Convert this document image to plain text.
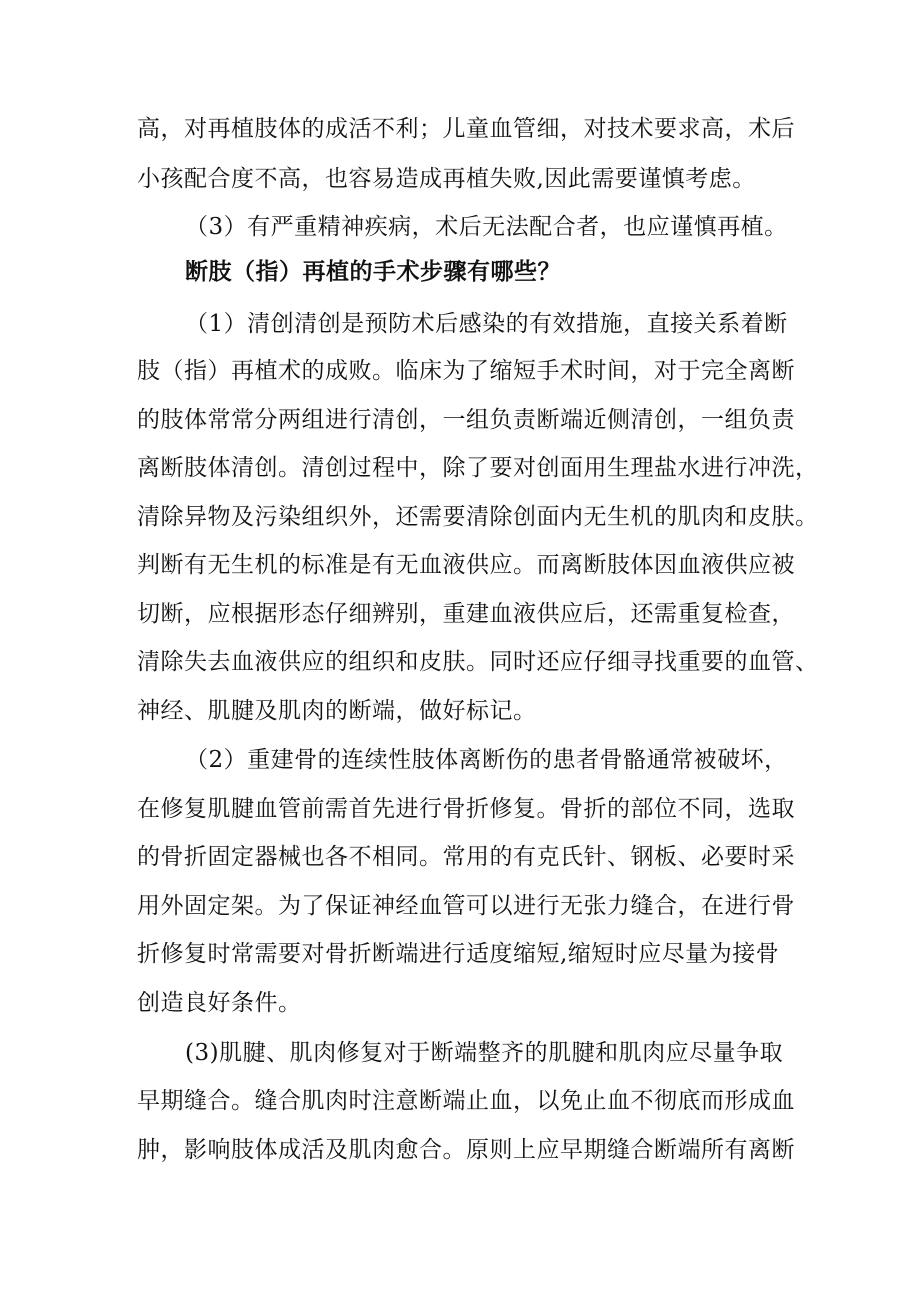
高，对再植肢体的成活不利；儿童血管细，对技术要求高，术后
小孩配合度不高，也容易造成再植失败,因此需要谨慎考虑。
（3）有严重精神疾病，术后无法配合者，也应谨慎再植。
断肢（指）再植的手术步骤有哪些？
（1）清创清创是预防术后感染的有效措施，直接关系着断
肢（指）再植术的成败。临床为了缩短手术时间，对于完全离断
的肢体常常分两组进行清创，一组负责断端近侧清创，一组负责
离断肢体清创。清创过程中，除了要对创面用生理盐水进行冲洗，
清除异物及污染组织外，还需要清除创面内无生机的肌肉和皮肤。
判断有无生机的标准是有无血液供应。而离断肢体因血液供应被
切断，应根据形态仔细辨别，重建血液供应后，还需重复检查，
清除失去血液供应的组织和皮肤。同时还应仔细寻找重要的血管、
神经、肌腱及肌肉的断端，做好标记。
（2）重建骨的连续性肢体离断伤的患者骨骼通常被破坏，
在修复肌腱血管前需首先进行骨折修复。骨折的部位不同，选取
的骨折固定器械也各不相同。常用的有克氏针、钢板、必要时采
用外固定架。为了保证神经血管可以进行无张力缝合，在进行骨
折修复时常需要对骨折断端进行适度缩短,缩短时应尽量为接骨
创造良好条件。
(3)肌腱、肌肉修复对于断端整齐的肌腱和肌肉应尽量争取
早期缝合。缝合肌肉时注意断端止血，以免止血不彻底而形成血
肿，影响肢体成活及肌肉愈合。原则上应早期缝合断端所有离断
